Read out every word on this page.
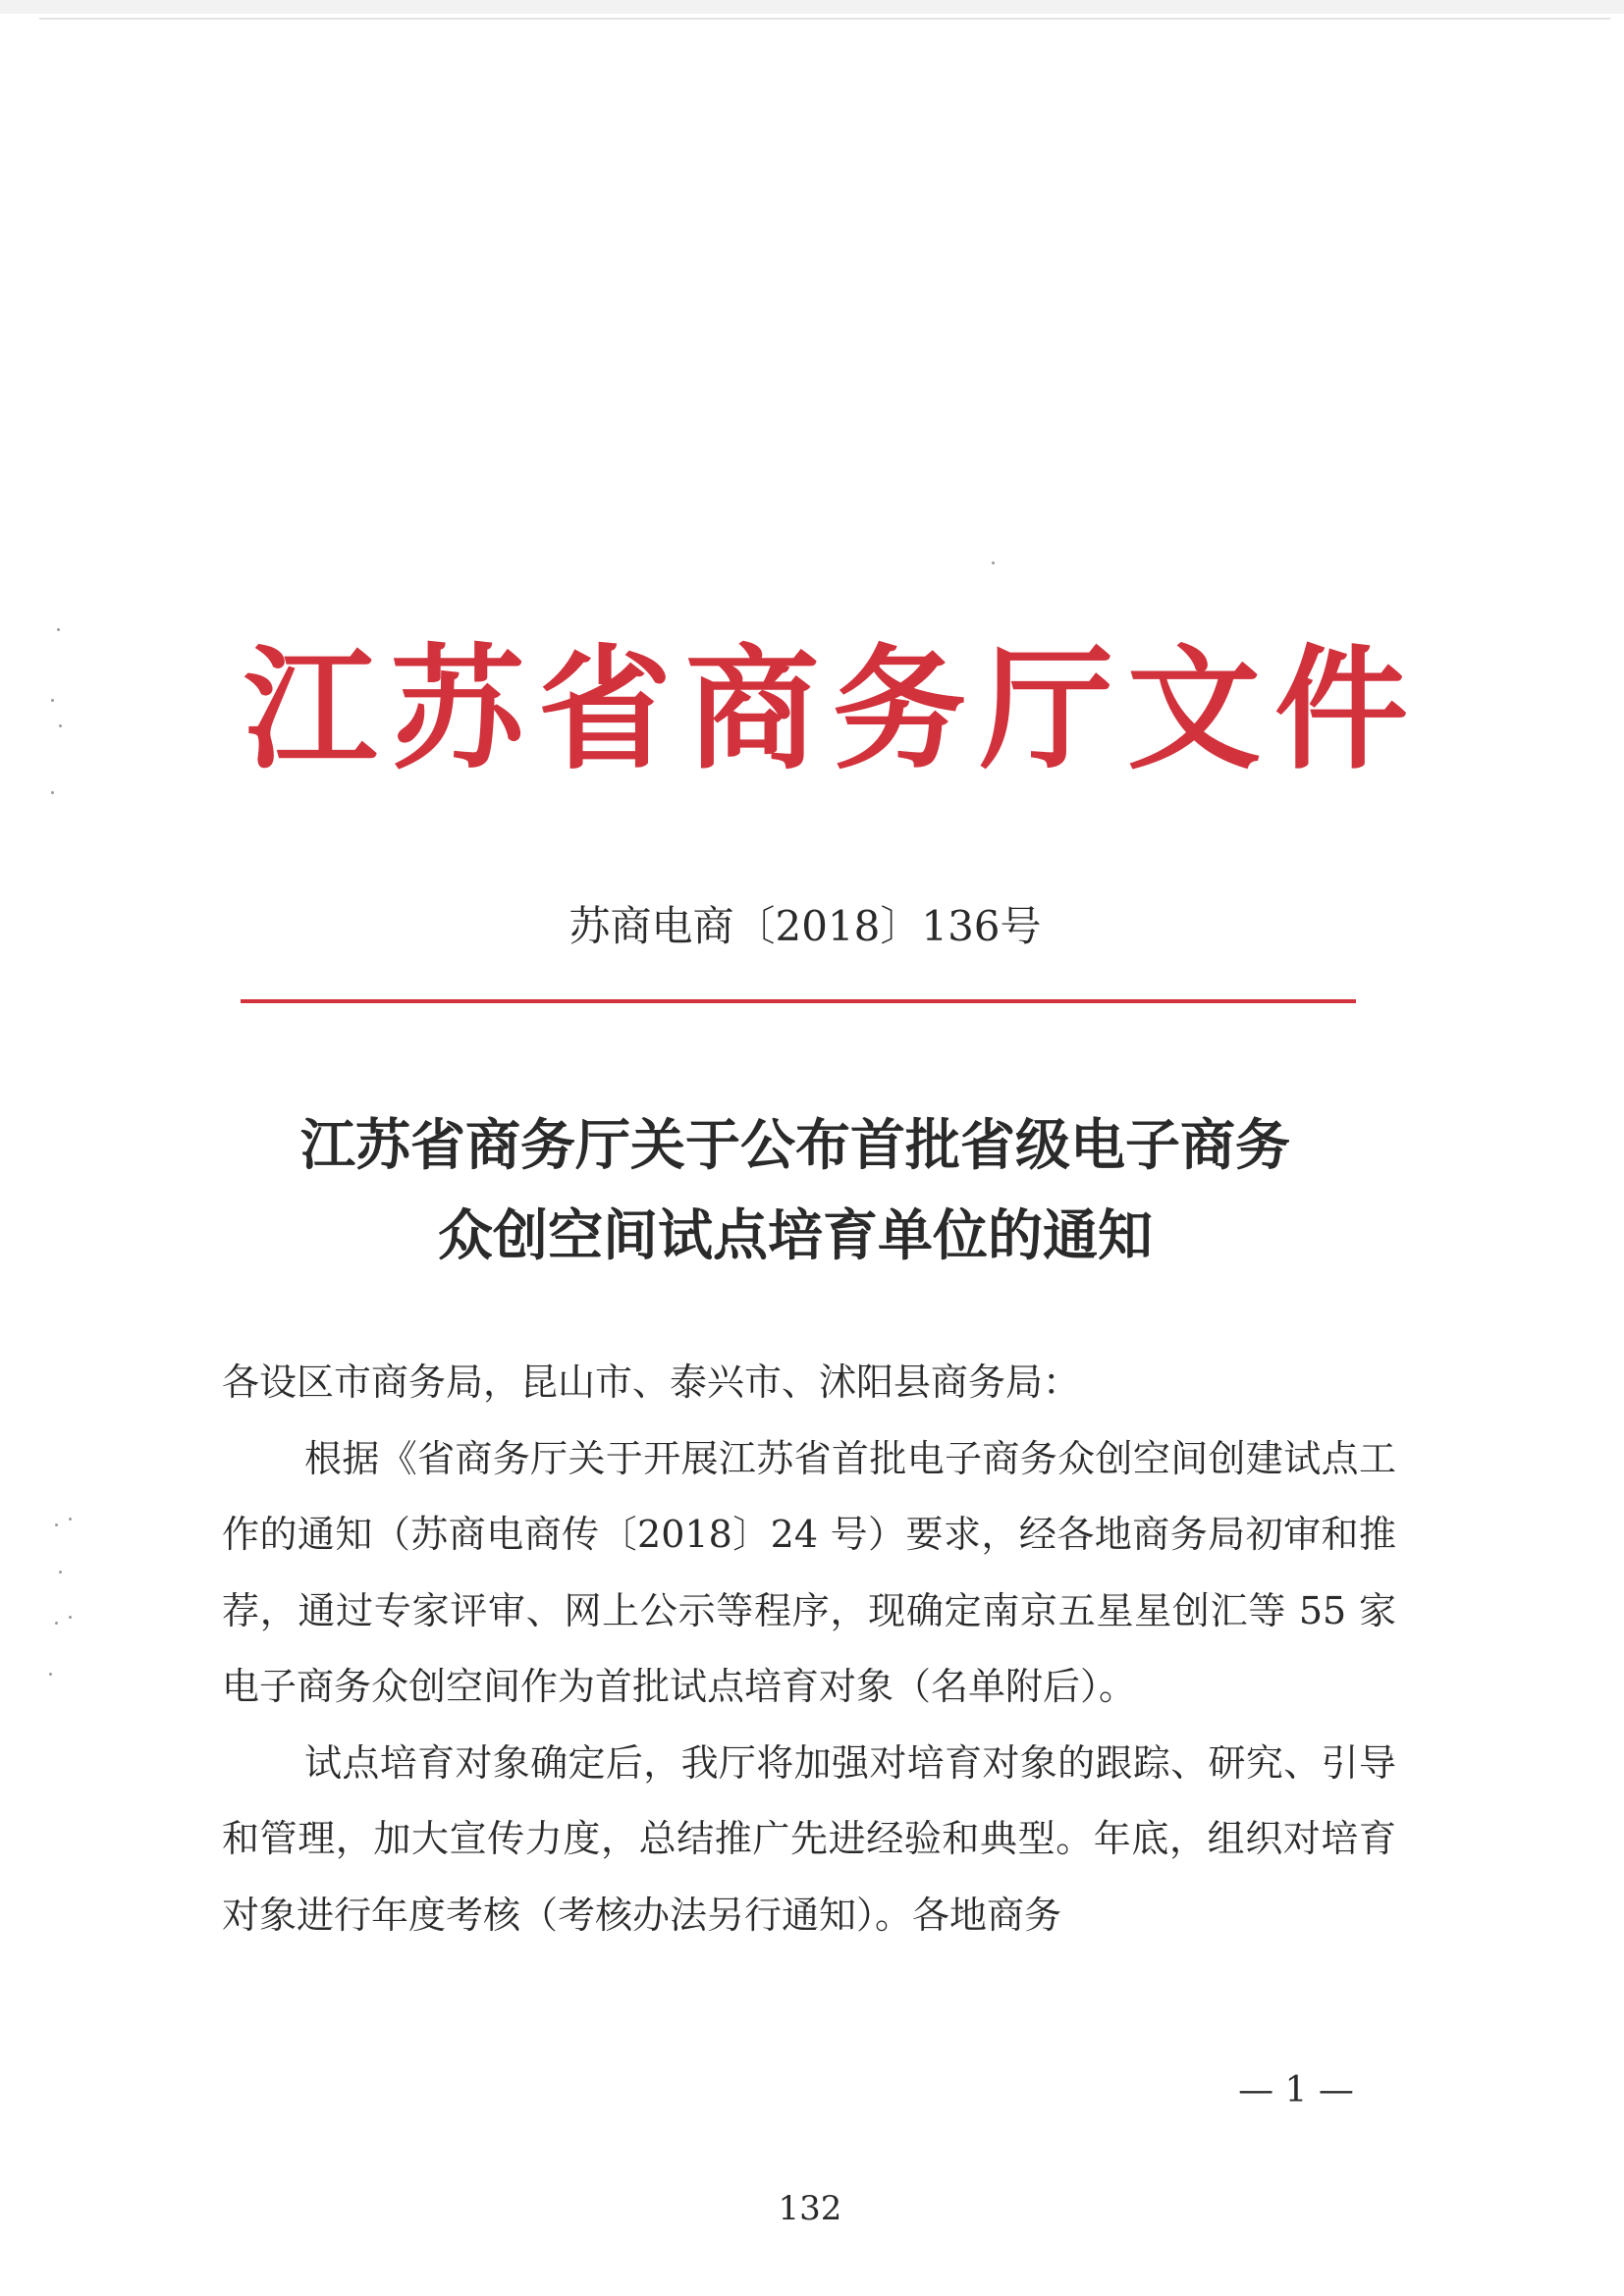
江苏省商务厅文件
苏商电商〔2018〕136号
江苏省商务厅关于公布首批省级电子商务
众创空间试点培育单位的通知

各设区市商务局，昆山市、泰兴市、沭阳县商务局：

根据《省商务厅关于开展江苏省首批电子商务众创空间创建试点工作的通知（苏商电商传〔2018〕24 号）要求，经各地商务局初审和推荐，通过专家评审、网上公示等程序，现确定南京五星星创汇等 55 家电子商务众创空间作为首批试点培育对象（名单附后）。

试点培育对象确定后，我厅将加强对培育对象的跟踪、研究、引导和管理，加大宣传力度，总结推广先进经验和典型。年底，组织对培育对象进行年度考核（考核办法另行通知）。各地商务

— 1 —
132
